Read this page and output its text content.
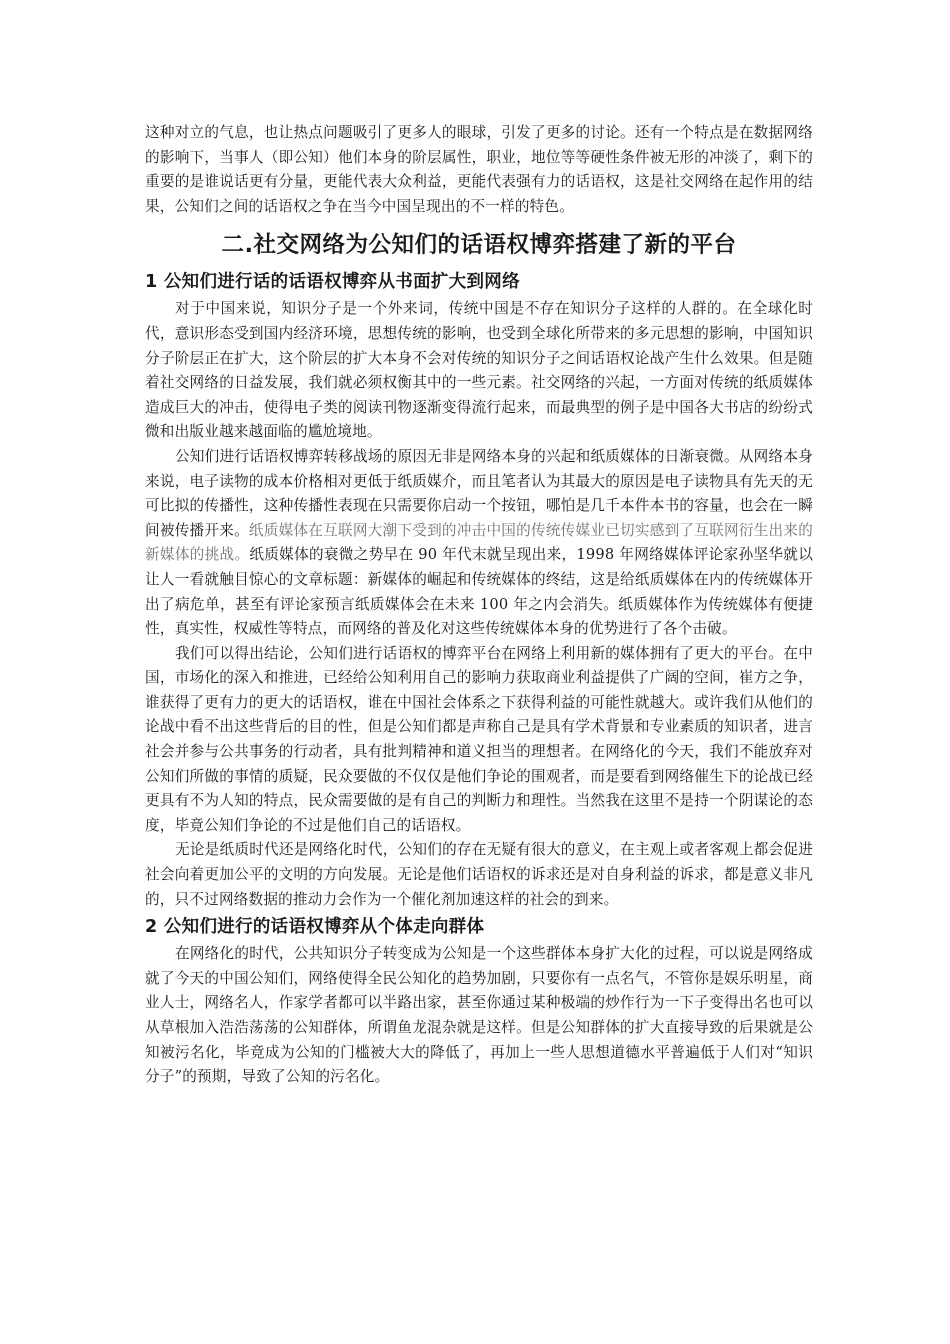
这种对立的气息，也让热点问题吸引了更多人的眼球，引发了更多的讨论。还有一个特点是在数据网络的影响下，当事人（即公知）他们本身的阶层属性，职业，地位等等硬性条件被无形的冲淡了，剩下的重要的是谁说话更有分量，更能代表大众利益，更能代表强有力的话语权，这是社交网络在起作用的结果，公知们之间的话语权之争在当今中国呈现出的不一样的特色。

二.社交网络为公知们的话语权博弈搭建了新的平台
1 公知们进行话的话语权博弈从书面扩大到网络

对于中国来说，知识分子是一个外来词，传统中国是不存在知识分子这样的人群的。在全球化时代，意识形态受到国内经济环境，思想传统的影响，也受到全球化所带来的多元思想的影响，中国知识分子阶层正在扩大，这个阶层的扩大本身不会对传统的知识分子之间话语权论战产生什么效果。但是随着社交网络的日益发展，我们就必须权衡其中的一些元素。社交网络的兴起，一方面对传统的纸质媒体造成巨大的冲击，使得电子类的阅读刊物逐渐变得流行起来，而最典型的例子是中国各大书店的纷纷式微和出版业越来越面临的尴尬境地。

公知们进行话语权博弈转移战场的原因无非是网络本身的兴起和纸质媒体的日渐衰微。从网络本身来说，电子读物的成本价格相对更低于纸质媒介，而且笔者认为其最大的原因是电子读物具有先天的无可比拟的传播性，这种传播性表现在只需要你启动一个按钮，哪怕是几千本件本书的容量，也会在一瞬间被传播开来。纸质媒体在互联网大潮下受到的冲击中国的传统传媒业已切实感到了互联网衍生出来的新媒体的挑战。纸质媒体的衰微之势早在 90 年代末就呈现出来，1998 年网络媒体评论家孙坚华就以让人一看就触目惊心的文章标题：新媒体的崛起和传统媒体的终结，这是给纸质媒体在内的传统媒体开出了病危单，甚至有评论家预言纸质媒体会在未来 100 年之内会消失。纸质媒体作为传统媒体有便捷性，真实性，权威性等特点，而网络的普及化对这些传统媒体本身的优势进行了各个击破。

我们可以得出结论，公知们进行话语权的博弈平台在网络上利用新的媒体拥有了更大的平台。在中国，市场化的深入和推进，已经给公知利用自己的影响力获取商业利益提供了广阔的空间，崔方之争，谁获得了更有力的更大的话语权，谁在中国社会体系之下获得利益的可能性就越大。或许我们从他们的论战中看不出这些背后的目的性，但是公知们都是声称自己是具有学术背景和专业素质的知识者，进言社会并参与公共事务的行动者，具有批判精神和道义担当的理想者。在网络化的今天，我们不能放弃对公知们所做的事情的质疑，民众要做的不仅仅是他们争论的围观者，而是要看到网络催生下的论战已经更具有不为人知的特点，民众需要做的是有自己的判断力和理性。当然我在这里不是持一个阴谋论的态度，毕竟公知们争论的不过是他们自己的话语权。

无论是纸质时代还是网络化时代，公知们的存在无疑有很大的意义，在主观上或者客观上都会促进社会向着更加公平的文明的方向发展。无论是他们话语权的诉求还是对自身利益的诉求，都是意义非凡的，只不过网络数据的推动力会作为一个催化剂加速这样的社会的到来。

2 公知们进行的话语权博弈从个体走向群体

在网络化的时代，公共知识分子转变成为公知是一个这些群体本身扩大化的过程，可以说是网络成就了今天的中国公知们，网络使得全民公知化的趋势加剧，只要你有一点名气，不管你是娱乐明星，商业人士，网络名人，作家学者都可以半路出家，甚至你通过某种极端的炒作行为一下子变得出名也可以从草根加入浩浩荡荡的公知群体，所谓鱼龙混杂就是这样。但是公知群体的扩大直接导致的后果就是公知被污名化，毕竟成为公知的门槛被大大的降低了，再加上一些人思想道德水平普遍低于人们对“知识分子”的预期，导致了公知的污名化。
